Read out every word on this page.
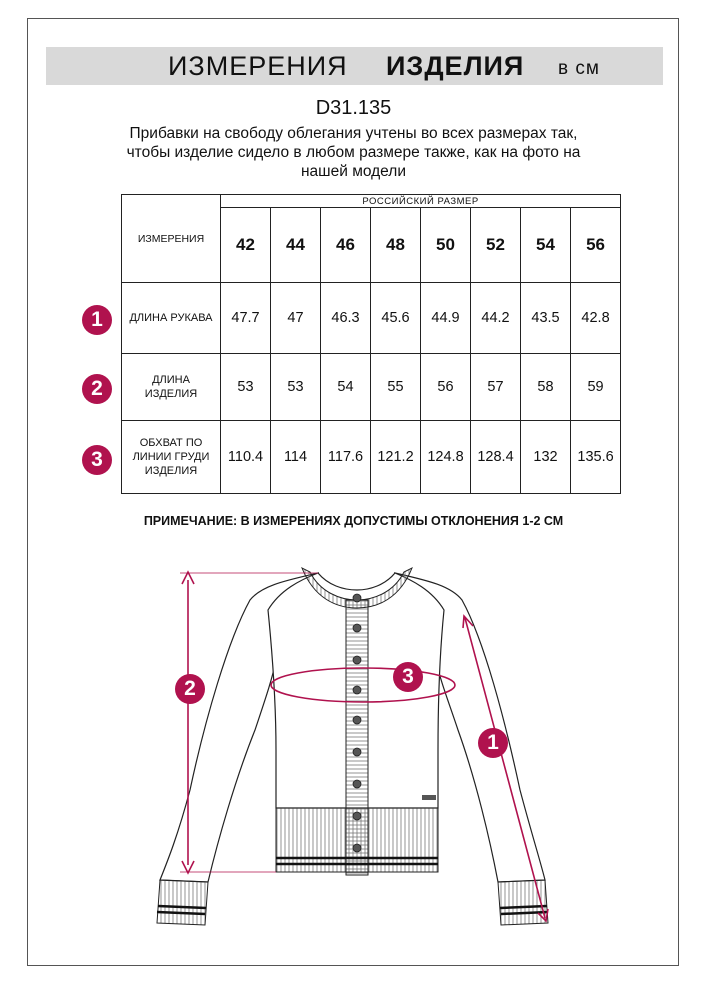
ИЗМЕРЕНИЯ ИЗДЕЛИЯ в см
D31.135
Прибавки на свободу облегания учтены во всех размерах так, чтобы изделие сидело в любом размере также, как на фото на нашей модели
ИЗМЕРЕНИЯ	РОССИЙСКИЙ РАЗМЕР							
	42	44	46	48	50	52	54	56
ДЛИНА РУКАВА	47.7	47	46.3	45.6	44.9	44.2	43.5	42.8
ДЛИНА ИЗДЕЛИЯ	53	53	54	55	56	57	58	59
ОБХВАТ ПО ЛИНИИ ГРУДИ ИЗДЕЛИЯ	110.4	114	117.6	121.2	124.8	128.4	132	135.6
1
2
3
ПРИМЕЧАНИЕ: В ИЗМЕРЕНИЯХ ДОПУСТИМЫ ОТКЛОНЕНИЯ 1-2 СМ
2
3
1
